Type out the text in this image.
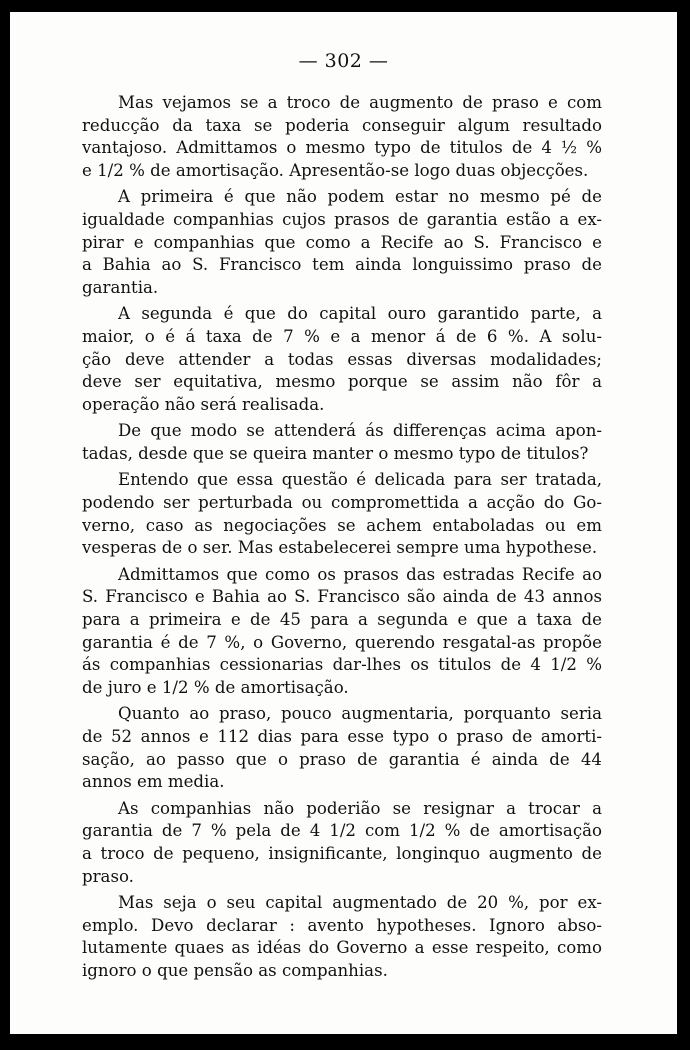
— 302 —
Mas vejamos se a troco de augmento de praso e com
reducção da taxa se poderia conseguir algum resultado
vantajoso. Admittamos o mesmo typo de titulos de 4 ½ %
e 1/2 % de amortisação. Apresentão-se logo duas objecções.
A primeira é que não podem estar no mesmo pé de
igualdade companhias cujos prasos de garantia estão a ex-
pirar e companhias que como a Recife ao S. Francisco e
a Bahia ao S. Francisco tem ainda longuissimo praso de
garantia.
A segunda é que do capital ouro garantido parte, a
maior, o é á taxa de 7 % e a menor á de 6 %. A solu-
ção deve attender a todas essas diversas modalidades;
deve ser equitativa, mesmo porque se assim não fôr a
operação não será realisada.
De que modo se attenderá ás differenças acima apon-
tadas, desde que se queira manter o mesmo typo de titulos?
Entendo que essa questão é delicada para ser tratada,
podendo ser perturbada ou compromettida a acção do Go-
verno, caso as negociações se achem entaboladas ou em
vesperas de o ser. Mas estabelecerei sempre uma hypothese.
Admittamos que como os prasos das estradas Recife ao
S. Francisco e Bahia ao S. Francisco são ainda de 43 annos
para a primeira e de 45 para a segunda e que a taxa de
garantia é de 7 %, o Governo, querendo resgatal-as propõe
ás companhias cessionarias dar-lhes os titulos de 4 1/2 %
de juro e 1/2 % de amortisação.
Quanto ao praso, pouco augmentaria, porquanto seria
de 52 annos e 112 dias para esse typo o praso de amorti-
sação, ao passo que o praso de garantia é ainda de 44
annos em media.
As companhias não poderião se resignar a trocar a
garantia de 7 % pela de 4 1/2 com 1/2 % de amortisação
a troco de pequeno, insignificante, longinquo augmento de
praso.
Mas seja o seu capital augmentado de 20 %, por ex-
emplo. Devo declarar : avento hypotheses. Ignoro abso-
lutamente quaes as idéas do Governo a esse respeito, como
ignoro o que pensão as companhias.
